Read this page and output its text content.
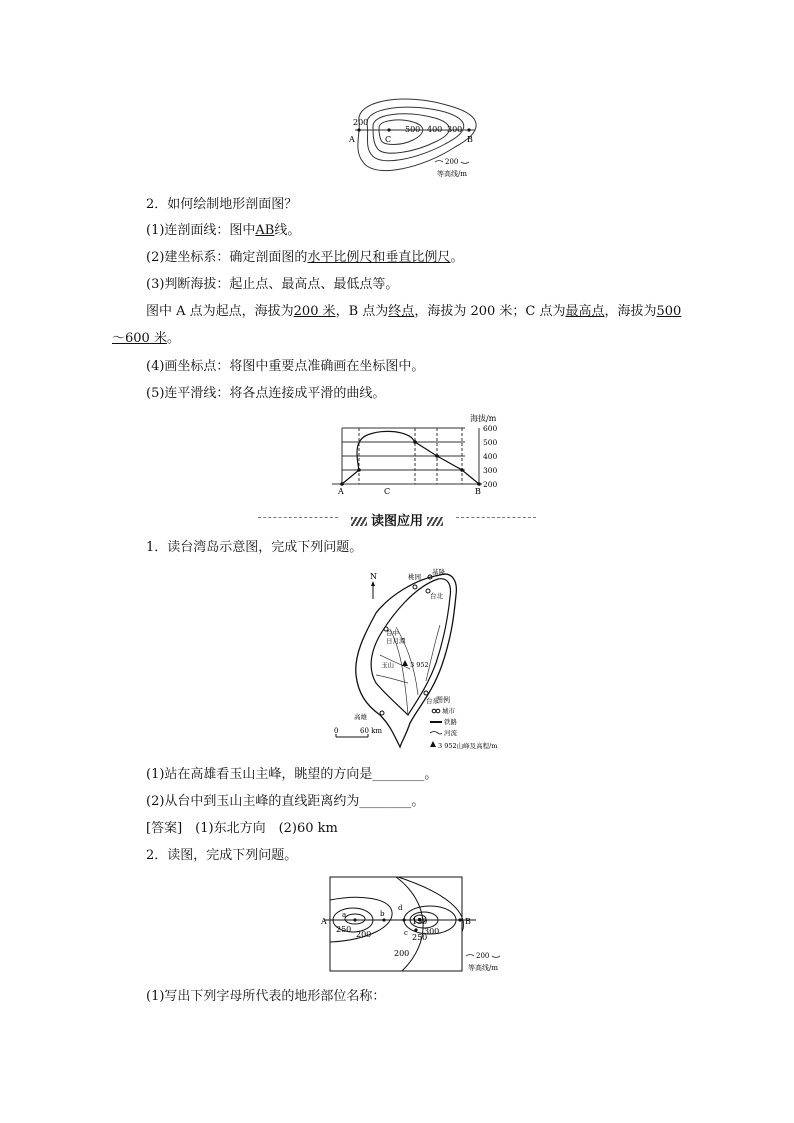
200
500 400 300
A	C	B
200
等高线/m
2．如何绘制地形剖面图？
(1)连剖面线：图中AB线。
(2)建坐标系：确定剖面图的水平比例尺和垂直比例尺。
(3)判断海拔：起止点、最高点、最低点等。
图中 A 点为起点，海拔为200 米，B 点为终点，海拔为 200 米；C 点为最高点，海拔为500～600 米。
(4)画坐标点：将图中重要点准确画在坐标图中。
(5)连平滑线：将各点连接成平滑的曲线。
海拔/m
600
500
400
300
200
A	C	B
读图应用
1．读台湾岛示意图，完成下列问题。
N	基隆
桃园
台北
台中
日月潭
玉山 3 952
台东
高雄
0	60 km
图例
城市
铁路
河流
3 952山峰及高程/m
(1)站在高雄看玉山主峰，眺望的方向是________。
(2)从台中到玉山主峰的直线距离约为________。
[答案]　 (1)东北方向　(2)60 km
2．读图，完成下列问题。
A
a
250
200
b
d
150
300
250
c
B
200	200
等高线/m
(1)写出下列字母所代表的地形部位名称：
